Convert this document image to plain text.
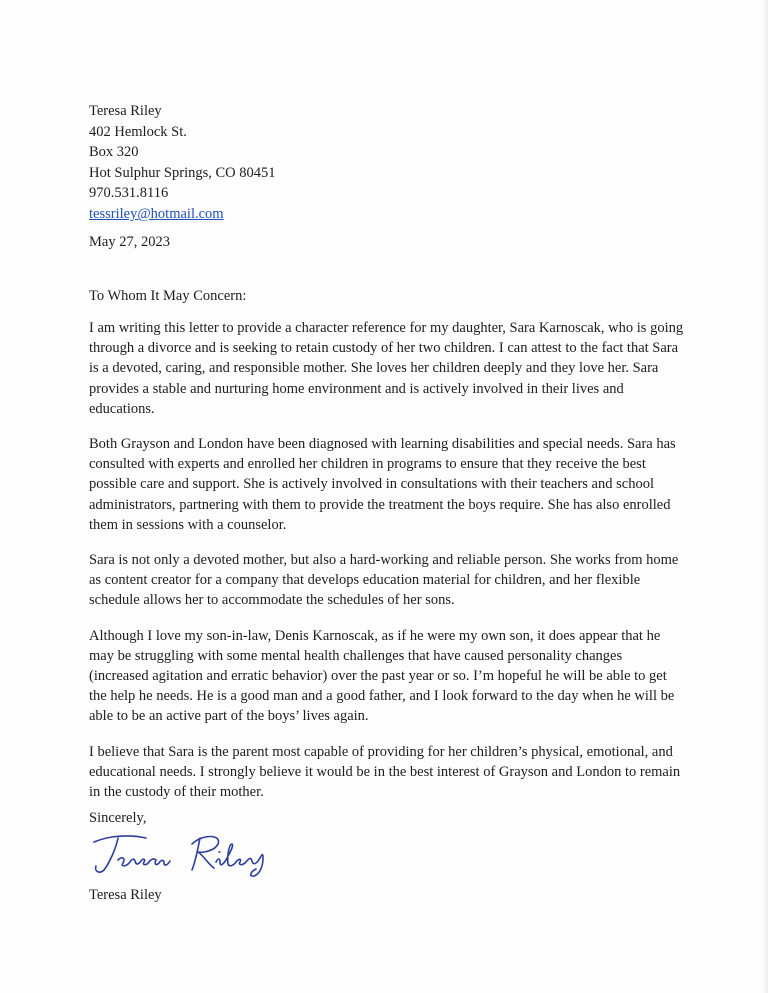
Teresa Riley
402 Hemlock St.
Box 320
Hot Sulphur Springs, CO 80451
970.531.8116
tessriley@hotmail.com
May 27, 2023
To Whom It May Concern:

I am writing this letter to provide a character reference for my daughter, Sara Karnoscak, who is going through a divorce and is seeking to retain custody of her two children. I can attest to the fact that Sara is a devoted, caring, and responsible mother. She loves her children deeply and they love her. Sara provides a stable and nurturing home environment and is actively involved in their lives and educations.

Both Grayson and London have been diagnosed with learning disabilities and special needs. Sara has consulted with experts and enrolled her children in programs to ensure that they receive the best possible care and support. She is actively involved in consultations with their teachers and school administrators, partnering with them to provide the treatment the boys require. She has also enrolled them in sessions with a counselor.

Sara is not only a devoted mother, but also a hard-working and reliable person. She works from home as content creator for a company that develops education material for children, and her flexible schedule allows her to accommodate the schedules of her sons.

Although I love my son-in-law, Denis Karnoscak, as if he were my own son, it does appear that he may be struggling with some mental health challenges that have caused personality changes (increased agitation and erratic behavior) over the past year or so. I’m hopeful he will be able to get the help he needs. He is a good man and a good father, and I look forward to the day when he will be able to be an active part of the boys’ lives again.

I believe that Sara is the parent most capable of providing for her children’s physical, emotional, and educational needs. I strongly believe it would be in the best interest of Grayson and London to remain in the custody of their mother.

Sincerely,
Teresa Riley
